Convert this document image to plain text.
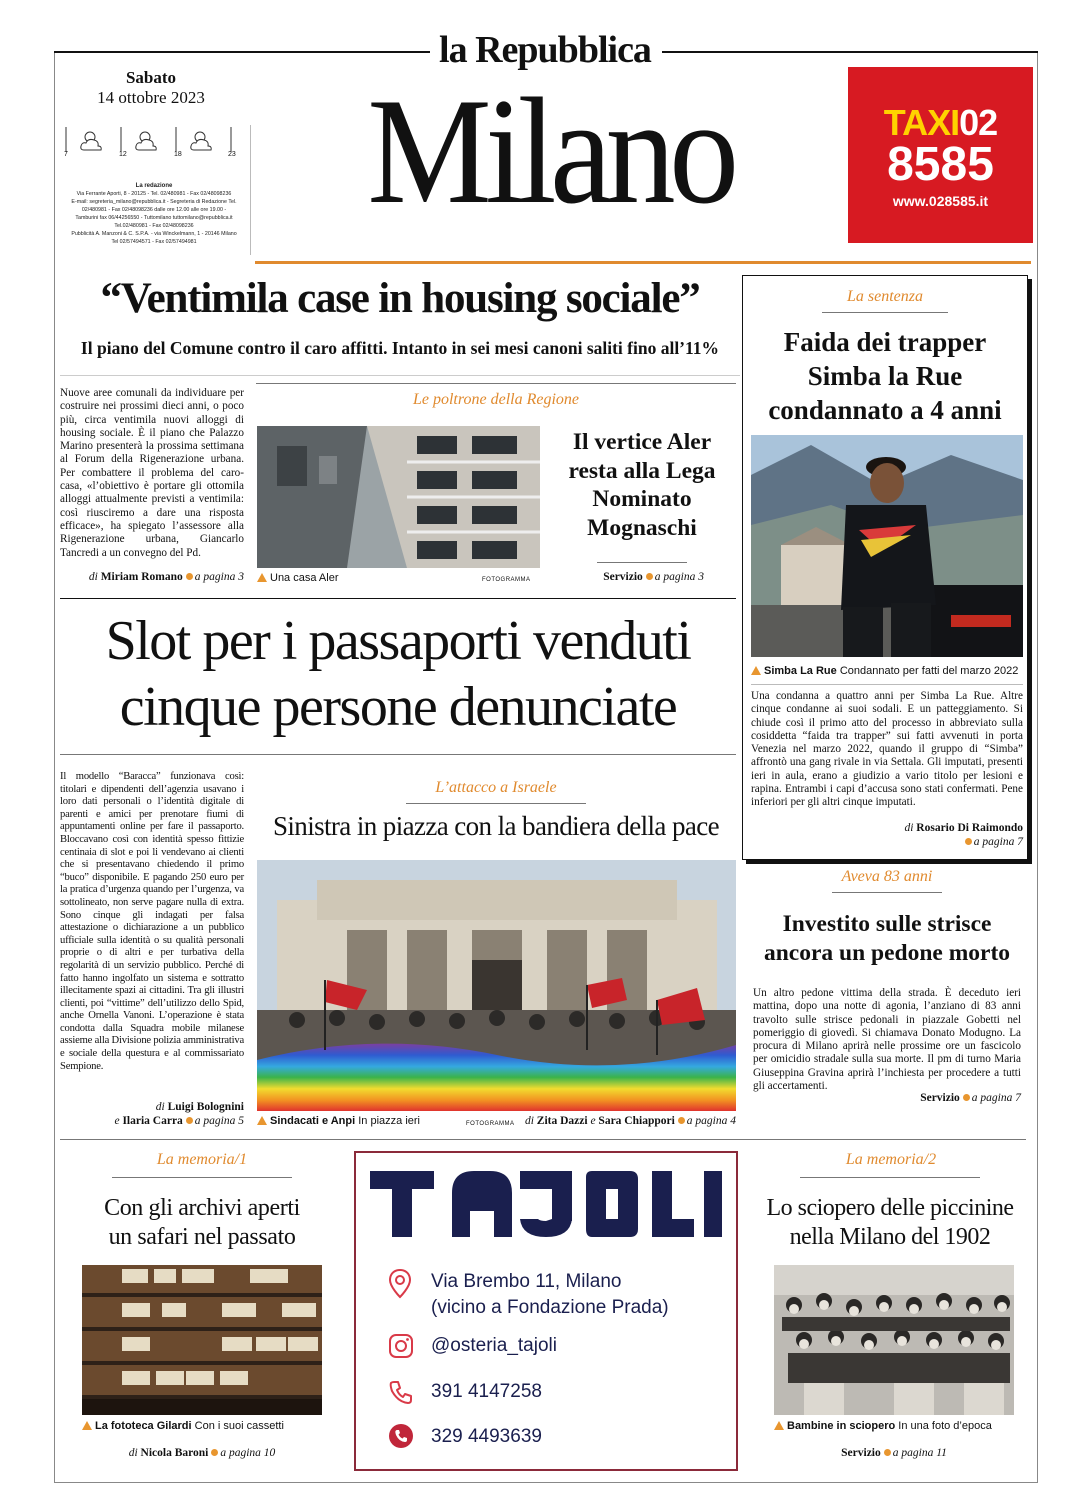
la Repubblica
Sabato
14 ottobre 2023
7	12	18	23
La redazione
Via Ferrante Aporti, 8 - 20125 - Tel. 02/480981 - Fax 02/48098236
E-mail: segreteria_milano@repubblica.it - Segreteria di Redazione Tel.
02/480981 - Fax 02/48098236 dalle ore 12.00 alle ore 19.00 -
Tamburini fax 06/44256550 - Tuttomilano tuttomilano@repubblica.it
Tel.02/480981 - Fax 02/48098236
Pubblicità A. Manzoni & C. S.P.A. - via Winckelmann, 1 - 20146 Milano
Tel 02/57494571 - Fax 02/57494981
Milano	TAXI02
8585
www.028585.it
“Ventimila case in housing sociale”
Il piano del Comune contro il caro affitti. Intanto in sei mesi canoni saliti fino all’11%
Nuove aree comunali da individuare per costruire nei prossimi dieci anni, o poco più, circa ventimila nuovi alloggi di housing sociale. È il piano che Palazzo Marino presenterà la prossima settimana al Forum della Rigenerazione urbana. Per combattere il problema del caro-casa, «l’obiettivo è portare gli ottomila alloggi attualmente previsti a ventimila: così riusciremo a dare una risposta efficace», ha spiegato l’assessore alla Rigenerazione urbana, Giancarlo Tancredi a un convegno del Pd.
di Miriam Romano a pagina 3
Le poltrone della Regione
Una casa Aler	FOTOGRAMMA
Il vertice Aler
resta alla Lega
Nominato
Mognaschi
Servizio a pagina 3
La sentenza
Faida dei trapper
Simba la Rue
condannato a 4 anni
Simba La Rue Condannato per fatti del marzo 2022
Una condanna a quattro anni per Simba La Rue. Altre cinque condanne ai suoi sodali. E un patteggiamento. Si chiude così il primo atto del processo in abbreviato sulla cosiddetta “faida tra trapper” sui fatti avvenuti in porta Venezia nel marzo 2022, quando il gruppo di “Simba” affrontò una gang rivale in via Settala. Gli imputati, presenti ieri in aula, erano a giudizio a vario titolo per lesioni e rapina. Entrambi i capi d’accusa sono stati confermati. Pene inferiori per gli altri cinque imputati.
di Rosario Di Raimondo
a pagina 7
Slot per i passaporti venduti
cinque persone denunciate
Il modello “Baracca” funzionava così: titolari e dipendenti dell’agenzia usavano i loro dati personali o l’identità digitale di parenti e amici per prenotare fiumi di appuntamenti online per fare il passaporto. Bloccavano così con identità spesso fittizie centinaia di slot e poi li vendevano ai clienti che si presentavano chiedendo il primo “buco” disponibile. E pagando 250 euro per la pratica d’urgenza quando per l’urgenza, va sottolineato, non serve pagare nulla di extra. Sono cinque gli indagati per falsa attestazione o dichiarazione a un pubblico ufficiale sulla identità o su qualità personali proprie o di altri e per turbativa della regolarità di un servizio pubblico. Perché di fatto hanno ingolfato un sistema e sottratto illecitamente spazi ai cittadini. Tra gli illustri clienti, poi “vittime” dell’utilizzo dello Spid, anche Ornella Vanoni. L’operazione è stata condotta dalla Squadra mobile milanese assieme alla Divisione polizia amministrativa e sociale della questura e al commissariato Sempione.
di Luigi Bolognini
e Ilaria Carra a pagina 5
L’attacco a Israele
Sinistra in piazza con la bandiera della pace
Sindacati e Anpi In piazza ieri	FOTOGRAMMA di Zita Dazzi e Sara Chiappori a pagina 4
Aveva 83 anni
Investito sulle strisce
ancora un pedone morto
Un altro pedone vittima della strada. È deceduto ieri mattina, dopo una notte di agonia, l’anziano di 83 anni travolto sulle strisce pedonali in piazzale Gobetti nel pomeriggio di giovedì. Si chiamava Donato Modugno. La procura di Milano aprirà nelle prossime ore un fascicolo per omicidio stradale sulla sua morte. Il pm di turno Maria Giuseppina Gravina aprirà l’inchiesta per procedere a tutti gli accertamenti.
Servizio a pagina 7
La memoria/1
Con gli archivi aperti
un safari nel passato
La fototeca Gilardi Con i suoi cassetti
di Nicola Baroni a pagina 10
Via Brembo 11, Milano
(vicino a Fondazione Prada)
@osteria_tajoli
391 4147258
329 4493639
La memoria/2
Lo sciopero delle piccinine
nella Milano del 1902
Bambine in sciopero In una foto d’epoca
Servizio a pagina 11
